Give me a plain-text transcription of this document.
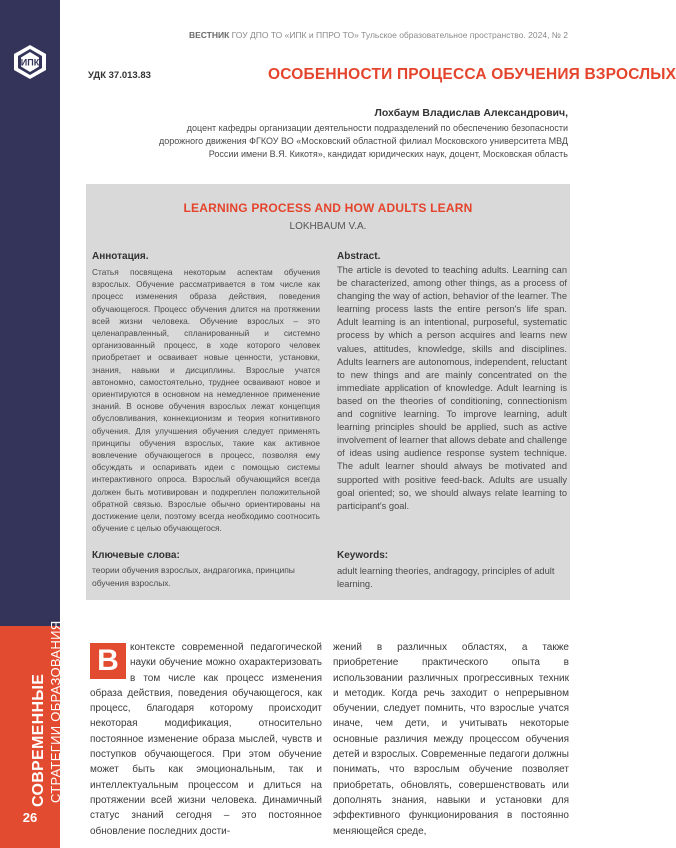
ИПК
СОВРЕМЕННЫЕ СТРАТЕГИИ ОБРАЗОВАНИЯ
26
ВЕСТНИК ГОУ ДПО ТО «ИПК и ППРО ТО» Тульское образовательное пространство. 2024, № 2
УДК 37.013.83	ОСОБЕННОСТИ ПРОЦЕССА ОБУЧЕНИЯ ВЗРОСЛЫХ
Лохбаум Владислав Александрович,
доцент кафедры организации деятельности подразделений по обеспечению безопасности дорожного движения ФГКОУ ВО «Московский областной филиал Московского университета МВД России имени В.Я. Кикотя», кандидат юридических наук, доцент, Московская область
LEARNING PROCESS AND HOW ADULTS LEARN
LOKHBAUM V.A.
Аннотация.
Статья посвящена некоторым аспектам обучения взрослых. Обучение рассматривается в том числе как процесс изменения образа действия, поведения обучающегося. Процесс обучения длится на протяжении всей жизни человека. Обучение взрослых – это целенаправленный, спланированный и системно организованный процесс, в ходе которого человек приобретает и осваивает новые ценности, установки, знания, навыки и дисциплины. Взрослые учатся автономно, самостоятельно, труднее осваивают новое и ориентируются в основном на немедленное применение знаний. В основе обучения взрослых лежат концепция обусловливания, коннекционизм и теория когнитивного обучения. Для улучшения обучения следует применять принципы обучения взрослых, такие как активное вовлечение обучающегося в процесс, позволяя ему обсуждать и оспаривать идеи с помощью системы интерактивного опроса. Взрослый обучающийся всегда должен быть мотивирован и подкреплен положительной обратной связью. Взрослые обычно ориентированы на достижение цели, поэтому всегда необходимо соотносить обучение с целью обучающегося.
Abstract.
The article is devoted to teaching adults. Learning can be characterized, among other things, as a process of changing the way of action, behavior of the learner. The learning process lasts the entire person's life span. Adult learning is an intentional, purposeful, systematic process by which a person acquires and learns new values, attitudes, knowledge, skills and disciplines. Adults learners are autonomous, independent, reluctant to new things and are mainly concentrated on the immediate application of knowledge. Adult learning is based on the theories of conditioning, connectionism and cognitive learning. To improve learning, adult learning principles should be applied, such as active involvement of learner that allows debate and challenge of ideas using audience response system technique. The adult learner should always be motivated and supported with positive feed-back. Adults are usually goal oriented; so, we should always relate learning to participant's goal.
Ключевые слова:
теории обучения взрослых, андрагогика, принципы обучения взрослых.
Keywords:
adult learning theories, andragogy, principles of adult learning.
В	контексте современной педагогической науки обучение можно охарактеризовать в том числе как процесс изменения образа действия, поведения обучающегося, как процесс, благодаря которому происходит некоторая модификация, относительно постоянное изменение образа мыслей, чувств и поступков обучающегося. При этом обучение может быть как эмоциональным, так и интеллектуальным процессом и длиться на протяжении всей жизни человека. Динамичный статус знаний сегодня – это постоянное обновление последних дости-
жений в различных областях, а также приобретение практического опыта в использовании различных прогрессивных техник и методик. Когда речь заходит о непрерывном обучении, следует помнить, что взрослые учатся иначе, чем дети, и учитывать некоторые основные различия между процессом обучения детей и взрослых. Современные педагоги должны понимать, что взрослым обучение позволяет приобретать, обновлять, совершенствовать или дополнять знания, навыки и установки для эффективного функционирования в постоянно меняющейся среде,
